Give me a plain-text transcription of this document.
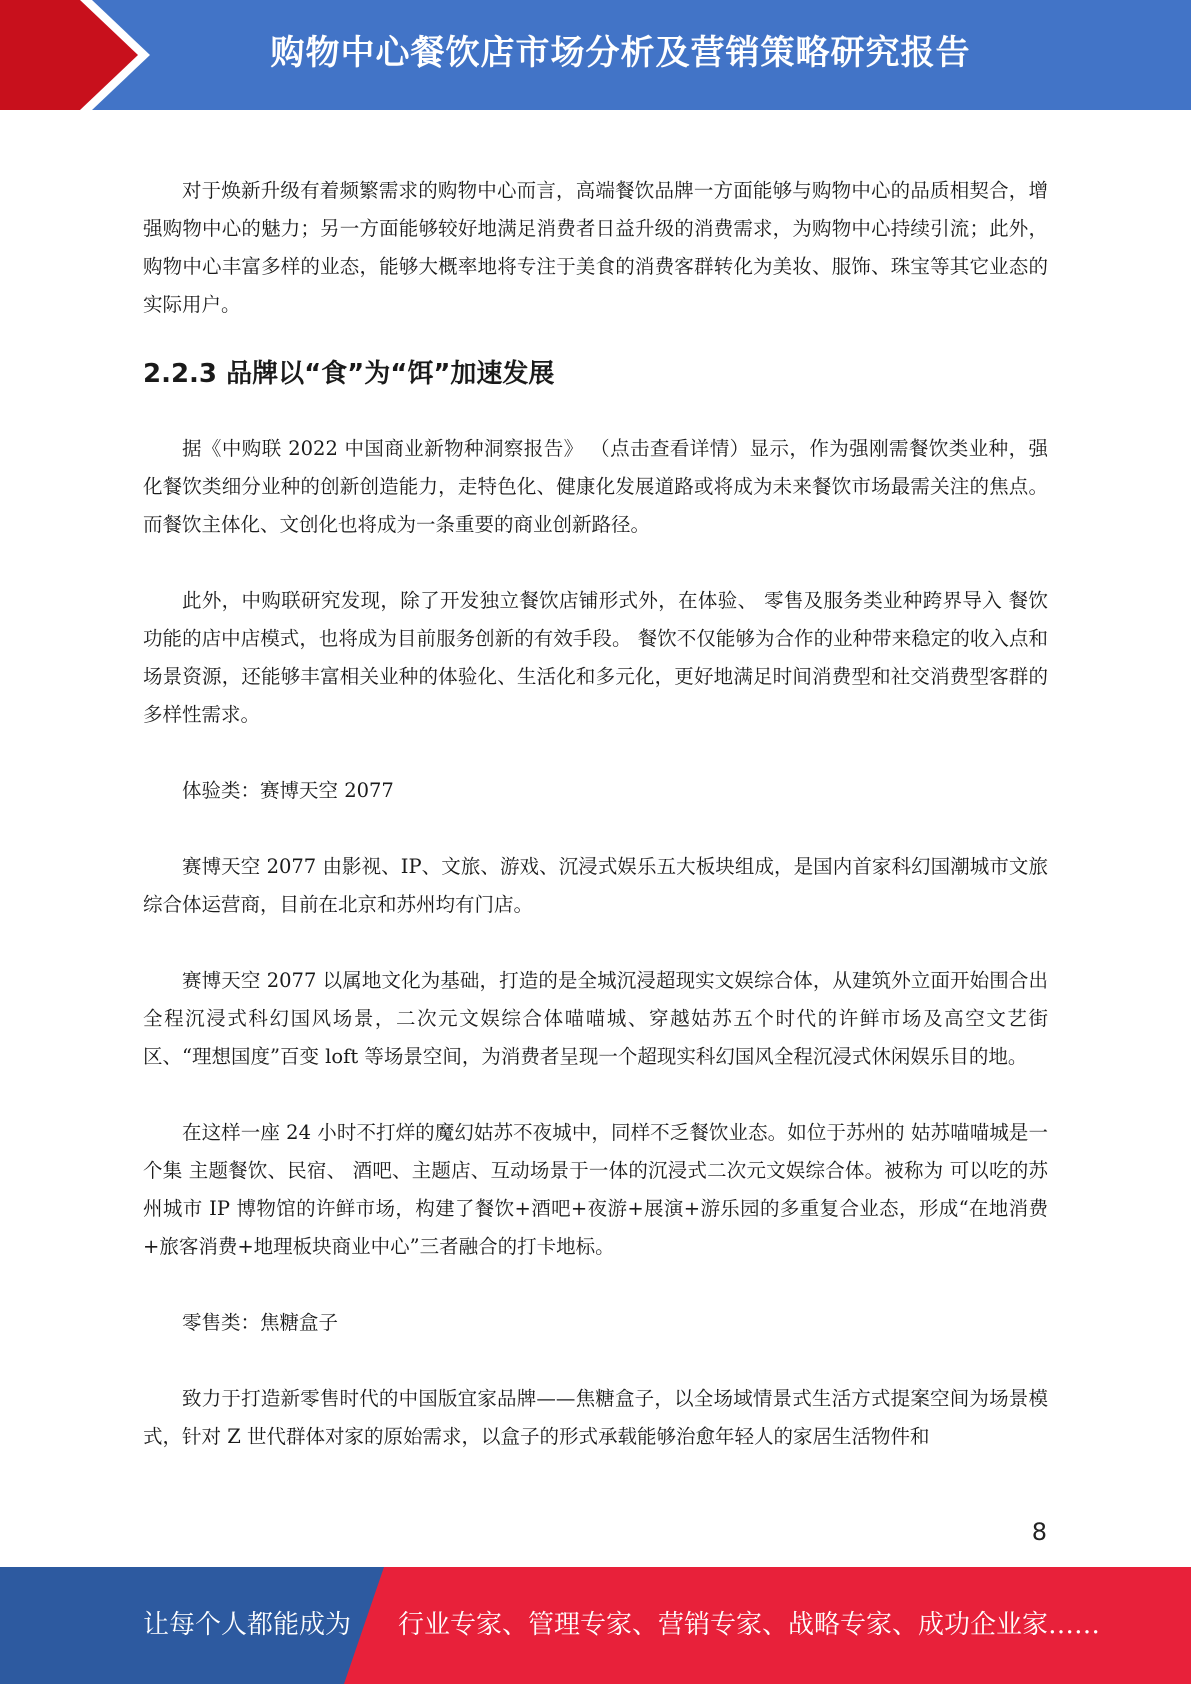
购物中心餐饮店市场分析及营销策略研究报告

对于焕新升级有着频繁需求的购物中心而言，高端餐饮品牌一方面能够与购物中心的品质相契合，增强购物中心的魅力；另一方面能够较好地满足消费者日益升级的消费需求，为购物中心持续引流；此外，购物中心丰富多样的业态，能够大概率地将专注于美食的消费客群转化为美妆、服饰、珠宝等其它业态的实际用户。

2.2.3 品牌以“食”为“饵”加速发展

据《中购联 2022 中国商业新物种洞察报告》 （点击查看详情）显示，作为强刚需餐饮类业种，强化餐饮类细分业种的创新创造能力，走特色化、健康化发展道路或将成为未来餐饮市场最需关注的焦点。而餐饮主体化、文创化也将成为一条重要的商业创新路径。

此外，中购联研究发现，除了开发独立餐饮店铺形式外，在体验、 零售及服务类业种跨界导入 餐饮功能的店中店模式，也将成为目前服务创新的有效手段。 餐饮不仅能够为合作的业种带来稳定的收入点和场景资源，还能够丰富相关业种的体验化、生活化和多元化，更好地满足时间消费型和社交消费型客群的多样性需求。

体验类：赛博天空 2077

赛博天空 2077 由影视、IP、文旅、游戏、沉浸式娱乐五大板块组成，是国内首家科幻国潮城市文旅综合体运营商，目前在北京和苏州均有门店。

赛博天空 2077 以属地文化为基础，打造的是全城沉浸超现实文娱综合体，从建筑外立面开始围合出全程沉浸式科幻国风场景，二次元文娱综合体喵喵城、穿越姑苏五个时代的许鲜市场及高空文艺街区、“理想国度”百变 loft 等场景空间，为消费者呈现一个超现实科幻国风全程沉浸式休闲娱乐目的地。

在这样一座 24 小时不打烊的魔幻姑苏不夜城中，同样不乏餐饮业态。如位于苏州的 姑苏喵喵城是一个集 主题餐饮、民宿、 酒吧、主题店、互动场景于一体的沉浸式二次元文娱综合体。被称为 可以吃的苏州城市 IP 博物馆的许鲜市场，构建了餐饮+酒吧+夜游+展演+游乐园的多重复合业态，形成“在地消费+旅客消费+地理板块商业中心”三者融合的打卡地标。

零售类：焦糖盒子

致力于打造新零售时代的中国版宜家品牌——焦糖盒子，以全场域情景式生活方式提案空间为场景模式，针对 Z 世代群体对家的原始需求，以盒子的形式承载能够治愈年轻人的家居生活物件和

8
让每个人都能成为 行业专家、管理专家、营销专家、战略专家、成功企业家……
